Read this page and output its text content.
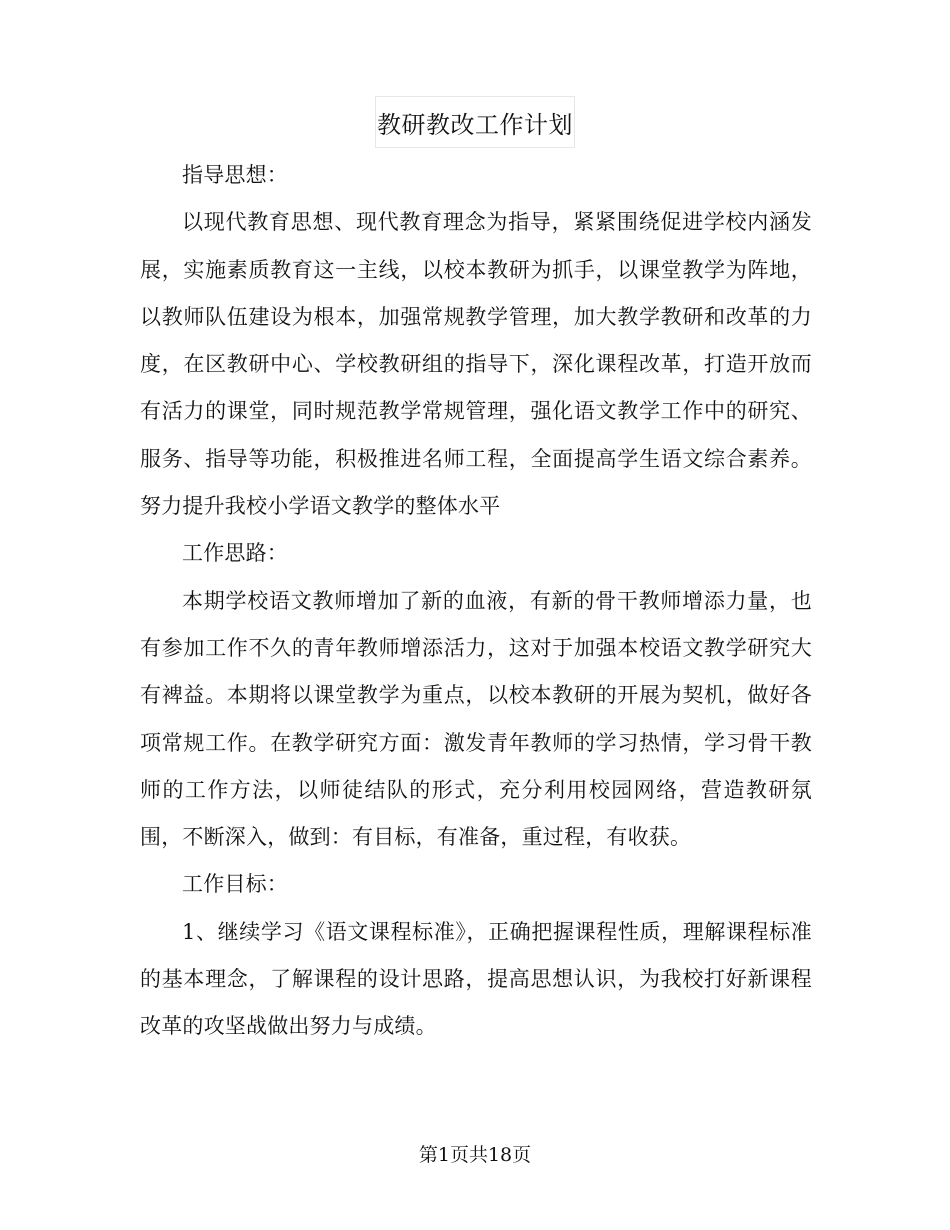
教研教改工作计划

指导思想：

以现代教育思想、现代教育理念为指导，紧紧围绕促进学校内涵发展，实施素质教育这一主线，以校本教研为抓手，以课堂教学为阵地，以教师队伍建设为根本，加强常规教学管理，加大教学教研和改革的力度，在区教研中心、学校教研组的指导下，深化课程改革，打造开放而有活力的课堂，同时规范教学常规管理，强化语文教学工作中的研究、服务、指导等功能，积极推进名师工程，全面提高学生语文综合素养。努力提升我校小学语文教学的整体水平

工作思路：

本期学校语文教师增加了新的血液，有新的骨干教师增添力量，也有参加工作不久的青年教师增添活力，这对于加强本校语文教学研究大有裨益。本期将以课堂教学为重点，以校本教研的开展为契机，做好各项常规工作。在教学研究方面：激发青年教师的学习热情，学习骨干教师的工作方法，以师徒结队的形式，充分利用校园网络，营造教研氛围，不断深入，做到：有目标，有准备，重过程，有收获。

工作目标：

1、继续学习《语文课程标准》，正确把握课程性质，理解课程标准的基本理念，了解课程的设计思路，提高思想认识，为我校打好新课程改革的攻坚战做出努力与成绩。

第1页共18页
